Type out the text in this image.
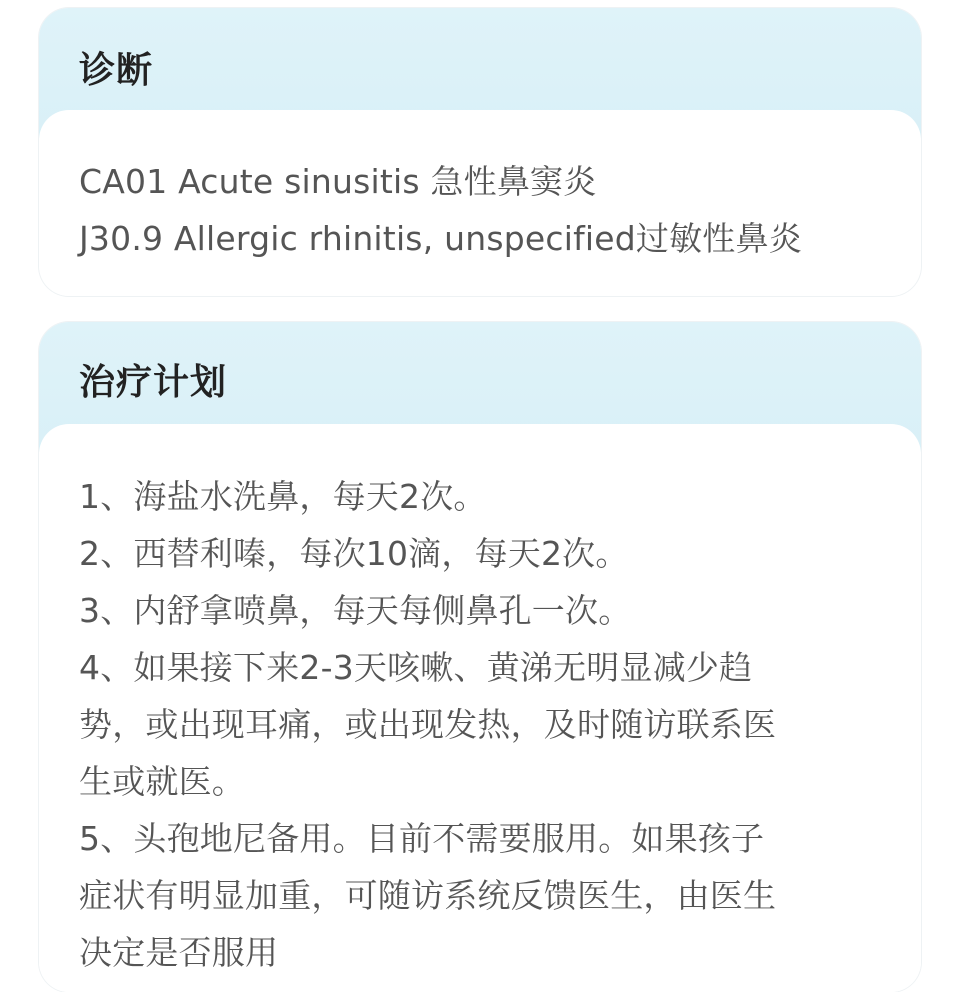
诊断
CA01 Acute sinusitis 急性鼻窦炎
J30.9 Allergic rhinitis, unspecified过敏性鼻炎
治疗计划
1、海盐水洗鼻，每天2次。
2、西替利嗪，每次10滴，每天2次。
3、内舒拿喷鼻，每天每侧鼻孔一次。
4、如果接下来2-3天咳嗽、黄涕无明显减少趋
势，或出现耳痛，或出现发热，及时随访联系医
生或就医。
5、头孢地尼备用。目前不需要服用。如果孩子
症状有明显加重，可随访系统反馈医生，由医生
决定是否服用
